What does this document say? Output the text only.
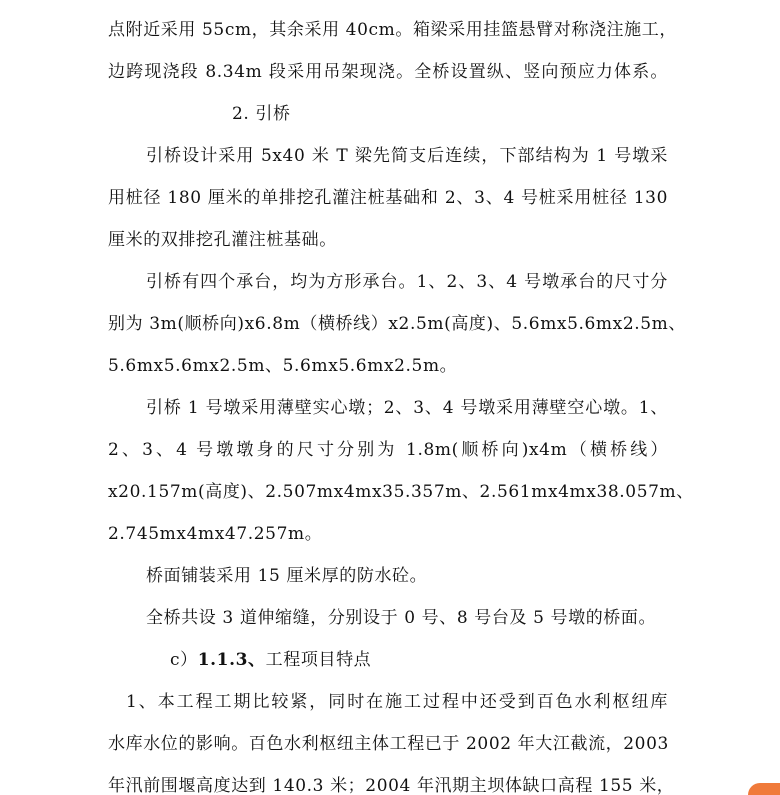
点附近采用 55cm，其余采用 40cm。箱梁采用挂篮悬臂对称浇注施工，
边跨现浇段 8.34m 段采用吊架现浇。全桥设置纵、竖向预应力体系。
2. 引桥
引桥设计采用 5x40 米 T 梁先简支后连续，下部结构为 1 号墩采
用桩径 180 厘米的单排挖孔灌注桩基础和 2、3、4 号桩采用桩径 130
厘米的双排挖孔灌注桩基础。
引桥有四个承台，均为方形承台。1、2、3、4 号墩承台的尺寸分
别为 3m(顺桥向)x6.8m（横桥线）x2.5m(高度)、5.6mx5.6mx2.5m、
5.6mx5.6mx2.5m、5.6mx5.6mx2.5m。
引桥 1 号墩采用薄壁实心墩；2、3、4 号墩采用薄壁空心墩。1、
2、3、4 号墩墩身的尺寸分别为 1.8m(顺桥向)x4m（横桥线）
x20.157m(高度)、2.507mx4mx35.357m、2.561mx4mx38.057m、
2.745mx4mx47.257m。
桥面铺装采用 15 厘米厚的防水砼。
全桥共设 3 道伸缩缝，分别设于 0 号、8 号台及 5 号墩的桥面。
c）1.1.3、工程项目特点
1、本工程工期比较紧，同时在施工过程中还受到百色水利枢纽库
水库水位的影响。百色水利枢纽主体工程已于 2002 年大江截流，2003
年汛前围堰高度达到 140.3 米；2004 年汛期主坝体缺口高程 155 米，
